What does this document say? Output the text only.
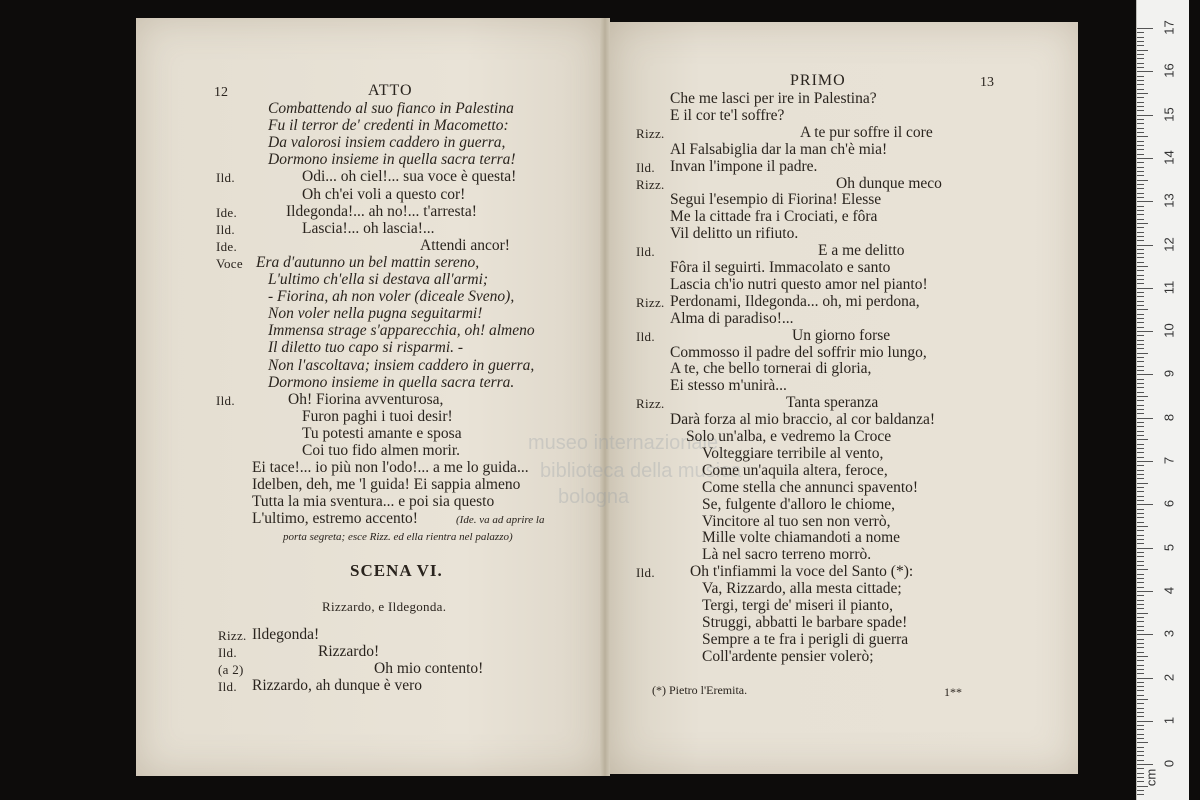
museo internazionale
biblioteca della musica
bologna
12	ATTO
Combattendo al suo fianco in Palestina
Fu il terror de' credenti in Macometto:
Da valorosi insiem caddero in guerra,
Dormono insieme in quella sacra terra!
Ild.	Odi... oh ciel!... sua voce è questa!
Oh ch'ei voli a questo cor!
Ide.	Ildegonda!... ah no!... t'arresta!
Ild.	Lascia!... oh lascia!...
Ide.	Attendi ancor!
Voce Era d'autunno un bel mattin sereno,
L'ultimo ch'ella si destava all'armi;
- Fiorina, ah non voler (diceale Sveno),
Non voler nella pugna seguitarmi!
Immensa strage s'apparecchia, oh! almeno
Il diletto tuo capo si risparmi. -
Non l'ascoltava; insiem caddero in guerra,
Dormono insieme in quella sacra terra.
Ild.	Oh! Fiorina avventurosa,
Furon paghi i tuoi desir!
Tu potesti amante e sposa
Coi tuo fido almen morir.
Ei tace!... io più non l'odo!... a me lo guida...
Idelben, deh, me 'l guida! Ei sappia almeno
Tutta la mia sventura... e poi sia questo
L'ultimo, estremo accento!	(Ide. va ad aprire la
porta segreta; esce Rizz. ed ella rientra nel palazzo)
SCENA VI.
Rizzardo, e Ildegonda.
Rizz. Ildegonda!
Ild.	Rizzardo!
(a 2)	Oh mio contento!
Ild. Rizzardo, ah dunque è vero
PRIMO	13
Che me lasci per ire in Palestina?
E il cor te'l soffre?
Rizz.	A te pur soffre il core
Al Falsabiglia dar la man ch'è mia!
Ild. Invan l'impone il padre.
Rizz.	Oh dunque meco
Segui l'esempio di Fiorina! Elesse
Me la cittade fra i Crociati, e fôra
Vil delitto un rifiuto.
Ild.	E a me delitto
Fôra il seguirti. Immacolato e santo
Lascia ch'io nutri questo amor nel pianto!
Rizz. Perdonami, Ildegonda... oh, mi perdona,
Alma di paradiso!...
Ild.	Un giorno forse
Commosso il padre del soffrir mio lungo,
A te, che bello tornerai di gloria,
Ei stesso m'unirà...
Rizz.	Tanta speranza
Darà forza al mio braccio, al cor baldanza!
Solo un'alba, e vedremo la Croce
Volteggiare terribile al vento,
Come un'aquila altera, feroce,
Come stella che annunci spavento!
Se, fulgente d'alloro le chiome,
Vincitore al tuo sen non verrò,
Mille volte chiamandoti a nome
Là nel sacro terreno morrò.
Ild. Oh t'infiammi la voce del Santo (*):
Va, Rizzardo, alla mesta cittade;
Tergi, tergi de' miseri il pianto,
Struggi, abbatti le barbare spade!
Sempre a te fra i perigli di guerra
Coll'ardente pensier volerò;
(*) Pietro l'Eremita.	1**
17
16
15
14
13
12
11
10
9
8
7
6
5
4
3
2
1
0
cm
